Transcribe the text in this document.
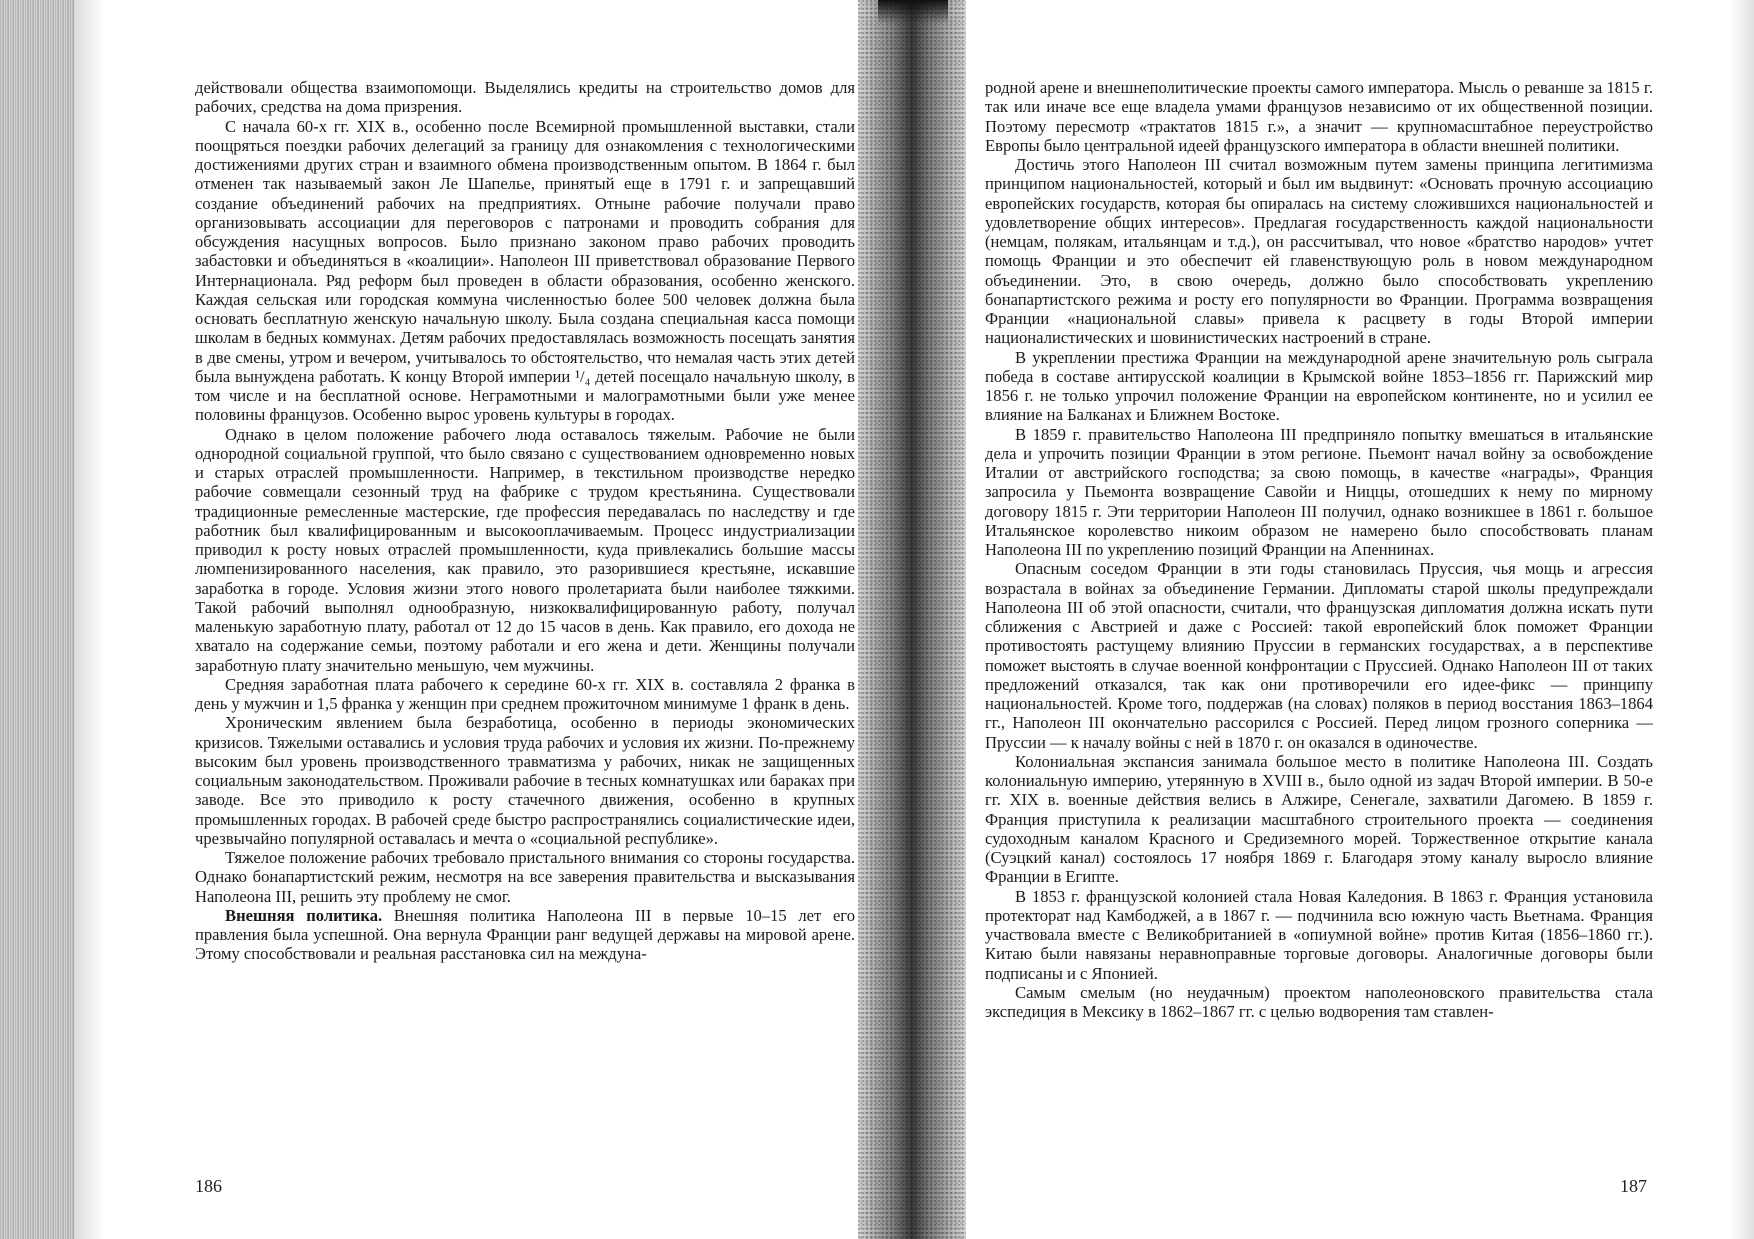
действовали общества взаимопомощи. Выделялись кредиты на строительство домов для рабочих, средства на дома призрения.

С начала 60-х гг. XIX в., особенно после Всемирной промышленной выставки, стали поощряться поездки рабочих делегаций за границу для ознакомления с технологическими достижениями других стран и взаимного обмена производственным опытом. В 1864 г. был отменен так называемый закон Ле Шапелье, принятый еще в 1791 г. и запрещавший создание объединений рабочих на предприятиях. Отныне рабочие получали право организовывать ассоциации для переговоров с патронами и проводить собрания для обсуждения насущных вопросов. Было признано законом право рабочих проводить забастовки и объединяться в «коалиции». Наполеон III приветствовал образование Первого Интернационала. Ряд реформ был проведен в области образования, особенно женского. Каждая сельская или городская коммуна численностью более 500 человек должна была основать бесплатную женскую начальную школу. Была создана специальная касса помощи школам в бедных коммунах. Детям рабочих предоставлялась возможность посещать занятия в две смены, утром и вечером, учитывалось то обстоятельство, что немалая часть этих детей была вынуждена работать. К концу Второй империи ¹/₄ детей посещало начальную школу, в том числе и на бесплатной основе. Неграмотными и малограмотными были уже менее половины французов. Особенно вырос уровень культуры в городах.

Однако в целом положение рабочего люда оставалось тяжелым. Рабочие не были однородной социальной группой, что было связано с существованием одновременно новых и старых отраслей промышленности. Например, в текстильном производстве нередко рабочие совмещали сезонный труд на фабрике с трудом крестьянина. Существовали традиционные ремесленные мастерские, где профессия передавалась по наследству и где работник был квалифицированным и высокооплачиваемым. Процесс индустриализации приводил к росту новых отраслей промышленности, куда привлекались большие массы люмпенизированного населения, как правило, это разорившиеся крестьяне, искавшие заработка в городе. Условия жизни этого нового пролетариата были наиболее тяжкими. Такой рабочий выполнял однообразную, низкоквалифицированную работу, получал маленькую заработную плату, работал от 12 до 15 часов в день. Как правило, его дохода не хватало на содержание семьи, поэтому работали и его жена и дети. Женщины получали заработную плату значительно меньшую, чем мужчины.

Средняя заработная плата рабочего к середине 60-х гг. XIX в. составляла 2 франка в день у мужчин и 1,5 франка у женщин при среднем прожиточном минимуме 1 франк в день.

Хроническим явлением была безработица, особенно в периоды экономических кризисов. Тяжелыми оставались и условия труда рабочих и условия их жизни. По-прежнему высоким был уровень производственного травматизма у рабочих, никак не защищенных социальным законодательством. Проживали рабочие в тесных комнатушках или бараках при заводе. Все это приводило к росту стачечного движения, особенно в крупных промышленных городах. В рабочей среде быстро распространялись социалистические идеи, чрезвычайно популярной оставалась и мечта о «социальной республике».

Тяжелое положение рабочих требовало пристального внимания со стороны государства. Однако бонапартистский режим, несмотря на все заверения правительства и высказывания Наполеона III, решить эту проблему не смог.

Внешняя политика. Внешняя политика Наполеона III в первые 10–15 лет его правления была успешной. Она вернула Франции ранг ведущей державы на мировой арене. Этому способствовали и реальная расстановка сил на междуна-

родной арене и внешнеполитические проекты самого императора. Мысль о реванше за 1815 г. так или иначе все еще владела умами французов независимо от их общественной позиции. Поэтому пересмотр «трактатов 1815 г.», а значит — крупномасштабное переустройство Европы было центральной идеей французского императора в области внешней политики.

Достичь этого Наполеон III считал возможным путем замены принципа легитимизма принципом национальностей, который и был им выдвинут: «Основать прочную ассоциацию европейских государств, которая бы опиралась на систему сложившихся национальностей и удовлетворение общих интересов». Предлагая государственность каждой национальности (немцам, полякам, итальянцам и т.д.), он рассчитывал, что новое «братство народов» учтет помощь Франции и это обеспечит ей главенствующую роль в новом международном объединении. Это, в свою очередь, должно было способствовать укреплению бонапартистского режима и росту его популярности во Франции. Программа возвращения Франции «национальной славы» привела к расцвету в годы Второй империи националистических и шовинистических настроений в стране.

В укреплении престижа Франции на международной арене значительную роль сыграла победа в составе антирусской коалиции в Крымской войне 1853–1856 гг. Парижский мир 1856 г. не только упрочил положение Франции на европейском континенте, но и усилил ее влияние на Балканах и Ближнем Востоке.

В 1859 г. правительство Наполеона III предприняло попытку вмешаться в итальянские дела и упрочить позиции Франции в этом регионе. Пьемонт начал войну за освобождение Италии от австрийского господства; за свою помощь, в качестве «награды», Франция запросила у Пьемонта возвращение Савойи и Ниццы, отошедших к нему по мирному договору 1815 г. Эти территории Наполеон III получил, однако возникшее в 1861 г. большое Итальянское королевство никоим образом не намерено было способствовать планам Наполеона III по укреплению позиций Франции на Апеннинах.

Опасным соседом Франции в эти годы становилась Пруссия, чья мощь и агрессия возрастала в войнах за объединение Германии. Дипломаты старой школы предупреждали Наполеона III об этой опасности, считали, что французская дипломатия должна искать пути сближения с Австрией и даже с Россией: такой европейский блок поможет Франции противостоять растущему влиянию Пруссии в германских государствах, а в перспективе поможет выстоять в случае военной конфронтации с Пруссией. Однако Наполеон III от таких предложений отказался, так как они противоречили его идее-фикс — принципу национальностей. Кроме того, поддержав (на словах) поляков в период восстания 1863–1864 гг., Наполеон III окончательно рассорился с Россией. Перед лицом грозного соперника — Пруссии — к началу войны с ней в 1870 г. он оказался в одиночестве.

Колониальная экспансия занимала большое место в политике Наполеона III. Создать колониальную империю, утерянную в XVIII в., было одной из задач Второй империи. В 50-е гг. XIX в. военные действия велись в Алжире, Сенегале, захватили Дагомею. В 1859 г. Франция приступила к реализации масштабного строительного проекта — соединения судоходным каналом Красного и Средиземного морей. Торжественное открытие канала (Суэцкий канал) состоялось 17 ноября 1869 г. Благодаря этому каналу выросло влияние Франции в Египте.

В 1853 г. французской колонией стала Новая Каледония. В 1863 г. Франция установила протекторат над Камбоджей, а в 1867 г. — подчинила всю южную часть Вьетнама. Франция участвовала вместе с Великобританией в «опиумной войне» против Китая (1856–1860 гг.). Китаю были навязаны неравноправные торговые договоры. Аналогичные договоры были подписаны и с Японией.

Самым смелым (но неудачным) проектом наполеоновского правительства стала экспедиция в Мексику в 1862–1867 гг. с целью водворения там ставлен-

186	187
